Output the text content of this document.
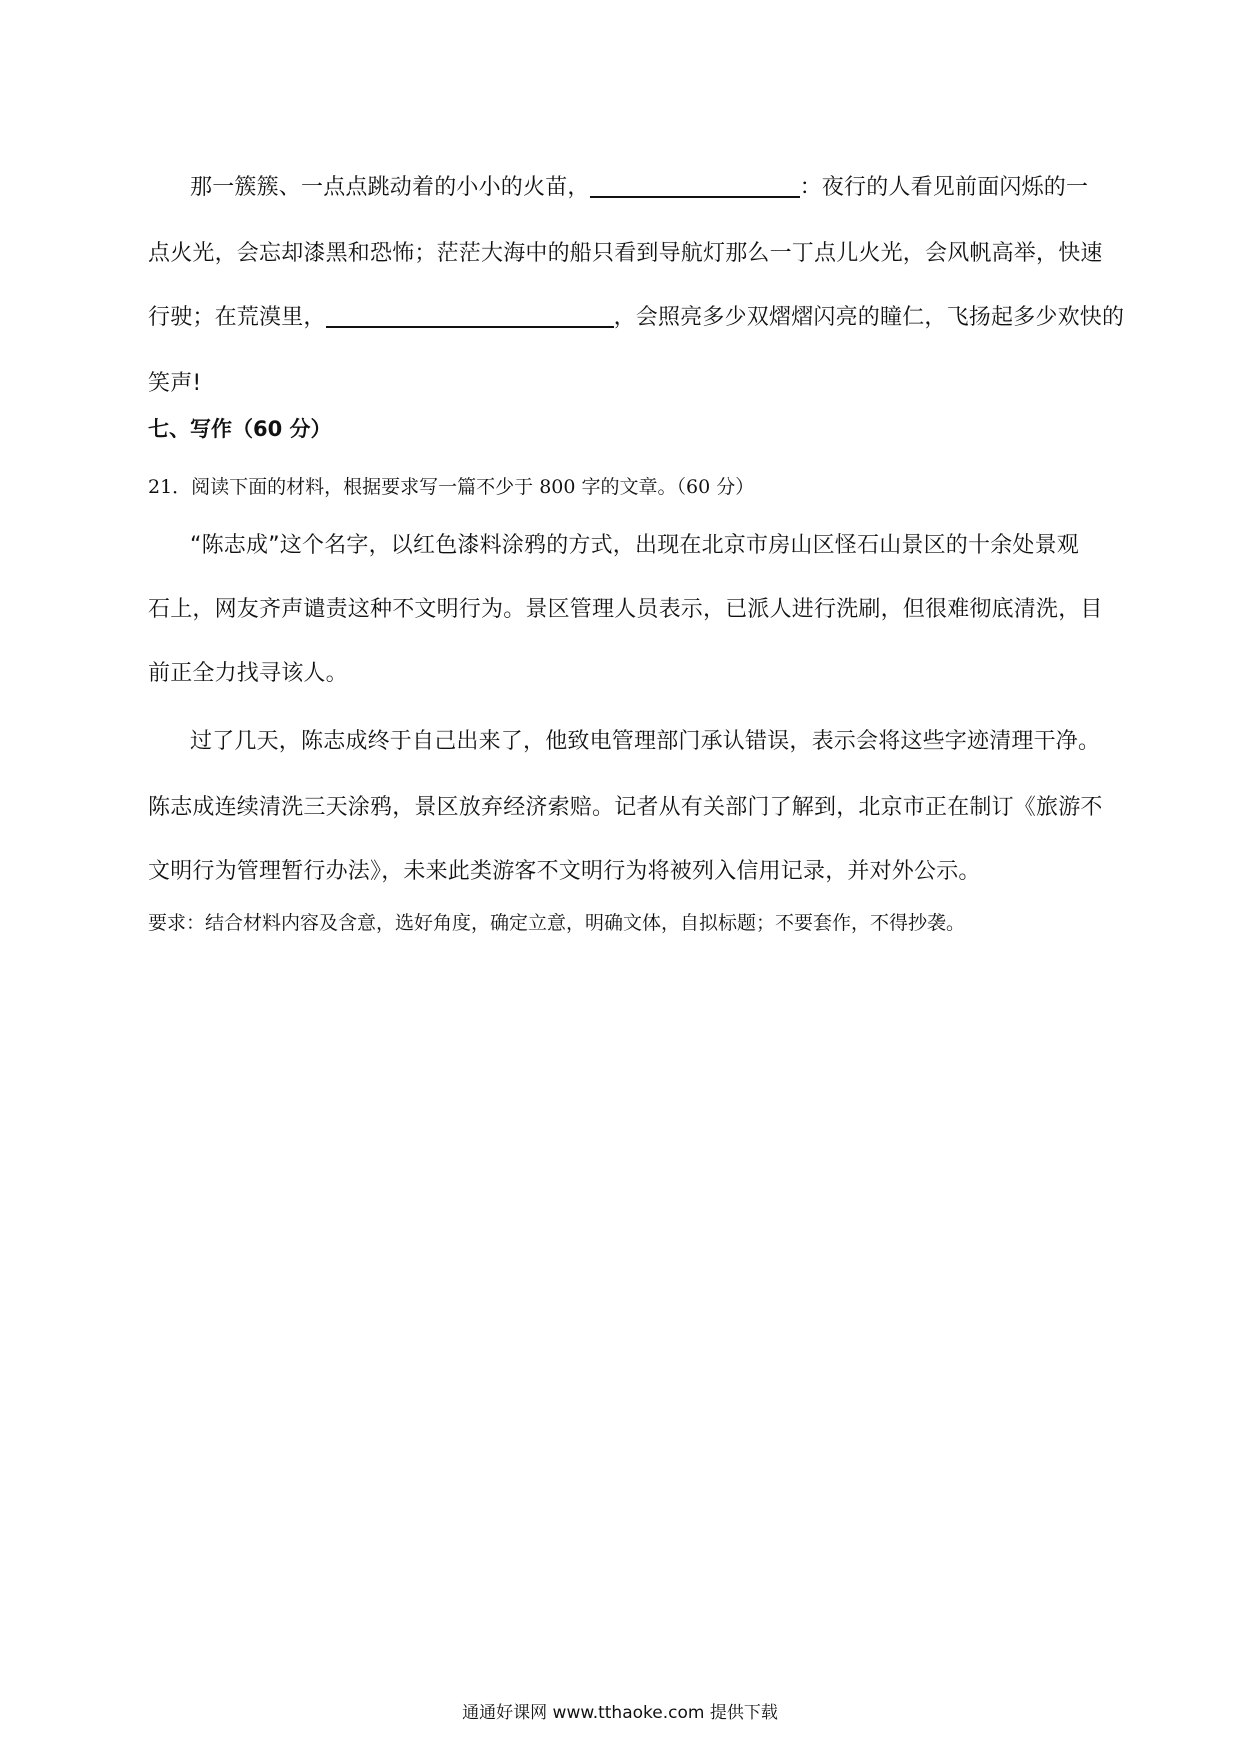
那一簇簇、一点点跳动着的小小的火苗，	：夜行的人看见前面闪烁的一
点火光，会忘却漆黑和恐怖；茫茫大海中的船只看到导航灯那么一丁点儿火光，会风帆高举，快速
行驶；在荒漠里，	，会照亮多少双熠熠闪亮的瞳仁，飞扬起多少欢快的
笑声!
七、写作（60 分）
21．阅读下面的材料，根据要求写一篇不少于 800 字的文章。（60 分）
“陈志成”这个名字，以红色漆料涂鸦的方式，出现在北京市房山区怪石山景区的十余处景观
石上，网友齐声谴责这种不文明行为。景区管理人员表示，已派人进行洗刷，但很难彻底清洗，目
前正全力找寻该人。
过了几天，陈志成终于自己出来了，他致电管理部门承认错误，表示会将这些字迹清理干净。
陈志成连续清洗三天涂鸦，景区放弃经济索赔。记者从有关部门了解到，北京市正在制订《旅游不
文明行为管理暂行办法》，未来此类游客不文明行为将被列入信用记录，并对外公示。
要求：结合材料内容及含意，选好角度，确定立意，明确文体，自拟标题；不要套作，不得抄袭。
通通好课网 www.tthaoke.com 提供下载
